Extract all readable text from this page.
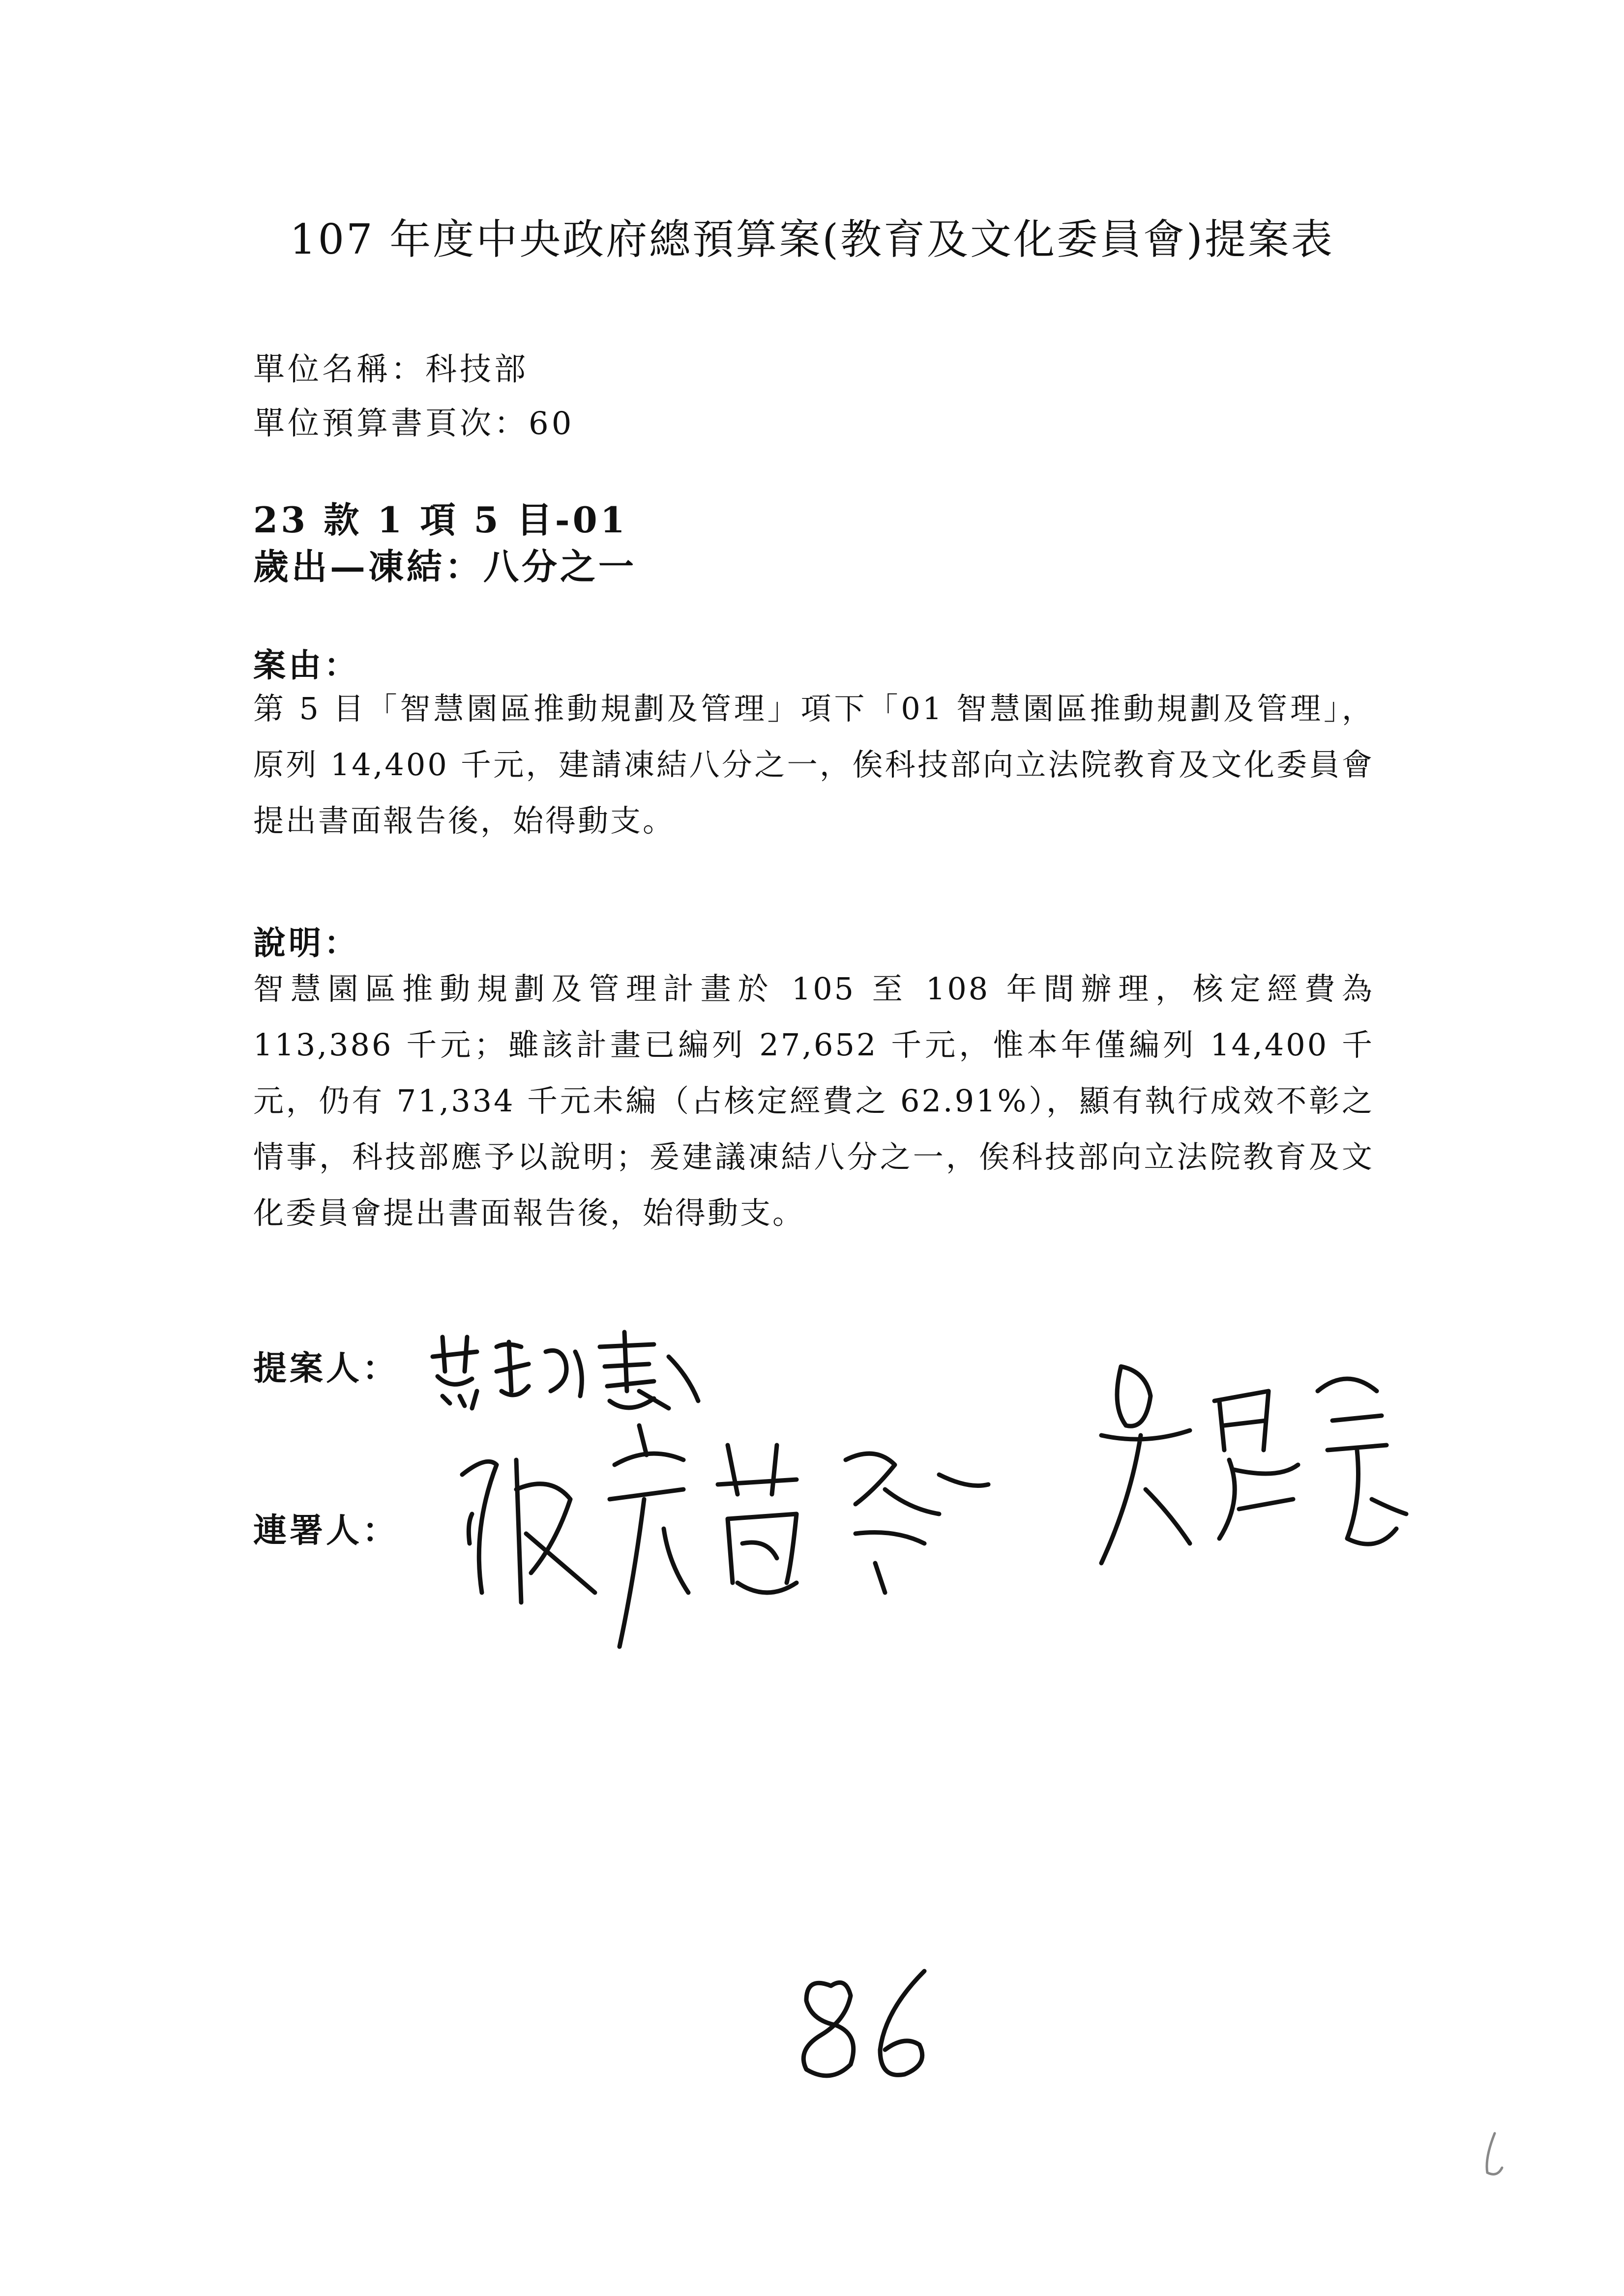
107 年度中央政府總預算案(教育及文化委員會)提案表
單位名稱：科技部
單位預算書頁次：60
23 款 1 項 5 目-01
歲出—凍結：八分之一
案由：
第 5 目「智慧園區推動規劃及管理」項下「01 智慧園區推動規劃及管理」，原列 14,400 千元，建請凍結八分之一，俟科技部向立法院教育及文化委員會提出書面報告後，始得動支。
說明：
智慧園區推動規劃及管理計畫於 105 至 108 年間辦理，核定經費為 113,386 千元；雖該計畫已編列 27,652 千元，惟本年僅編列 14,400 千元，仍有 71,334 千元未編（占核定經費之 62.91%），顯有執行成效不彰之情事，科技部應予以說明；爰建議凍結八分之一，俟科技部向立法院教育及文化委員會提出書面報告後，始得動支。
提案人：
連署人：
